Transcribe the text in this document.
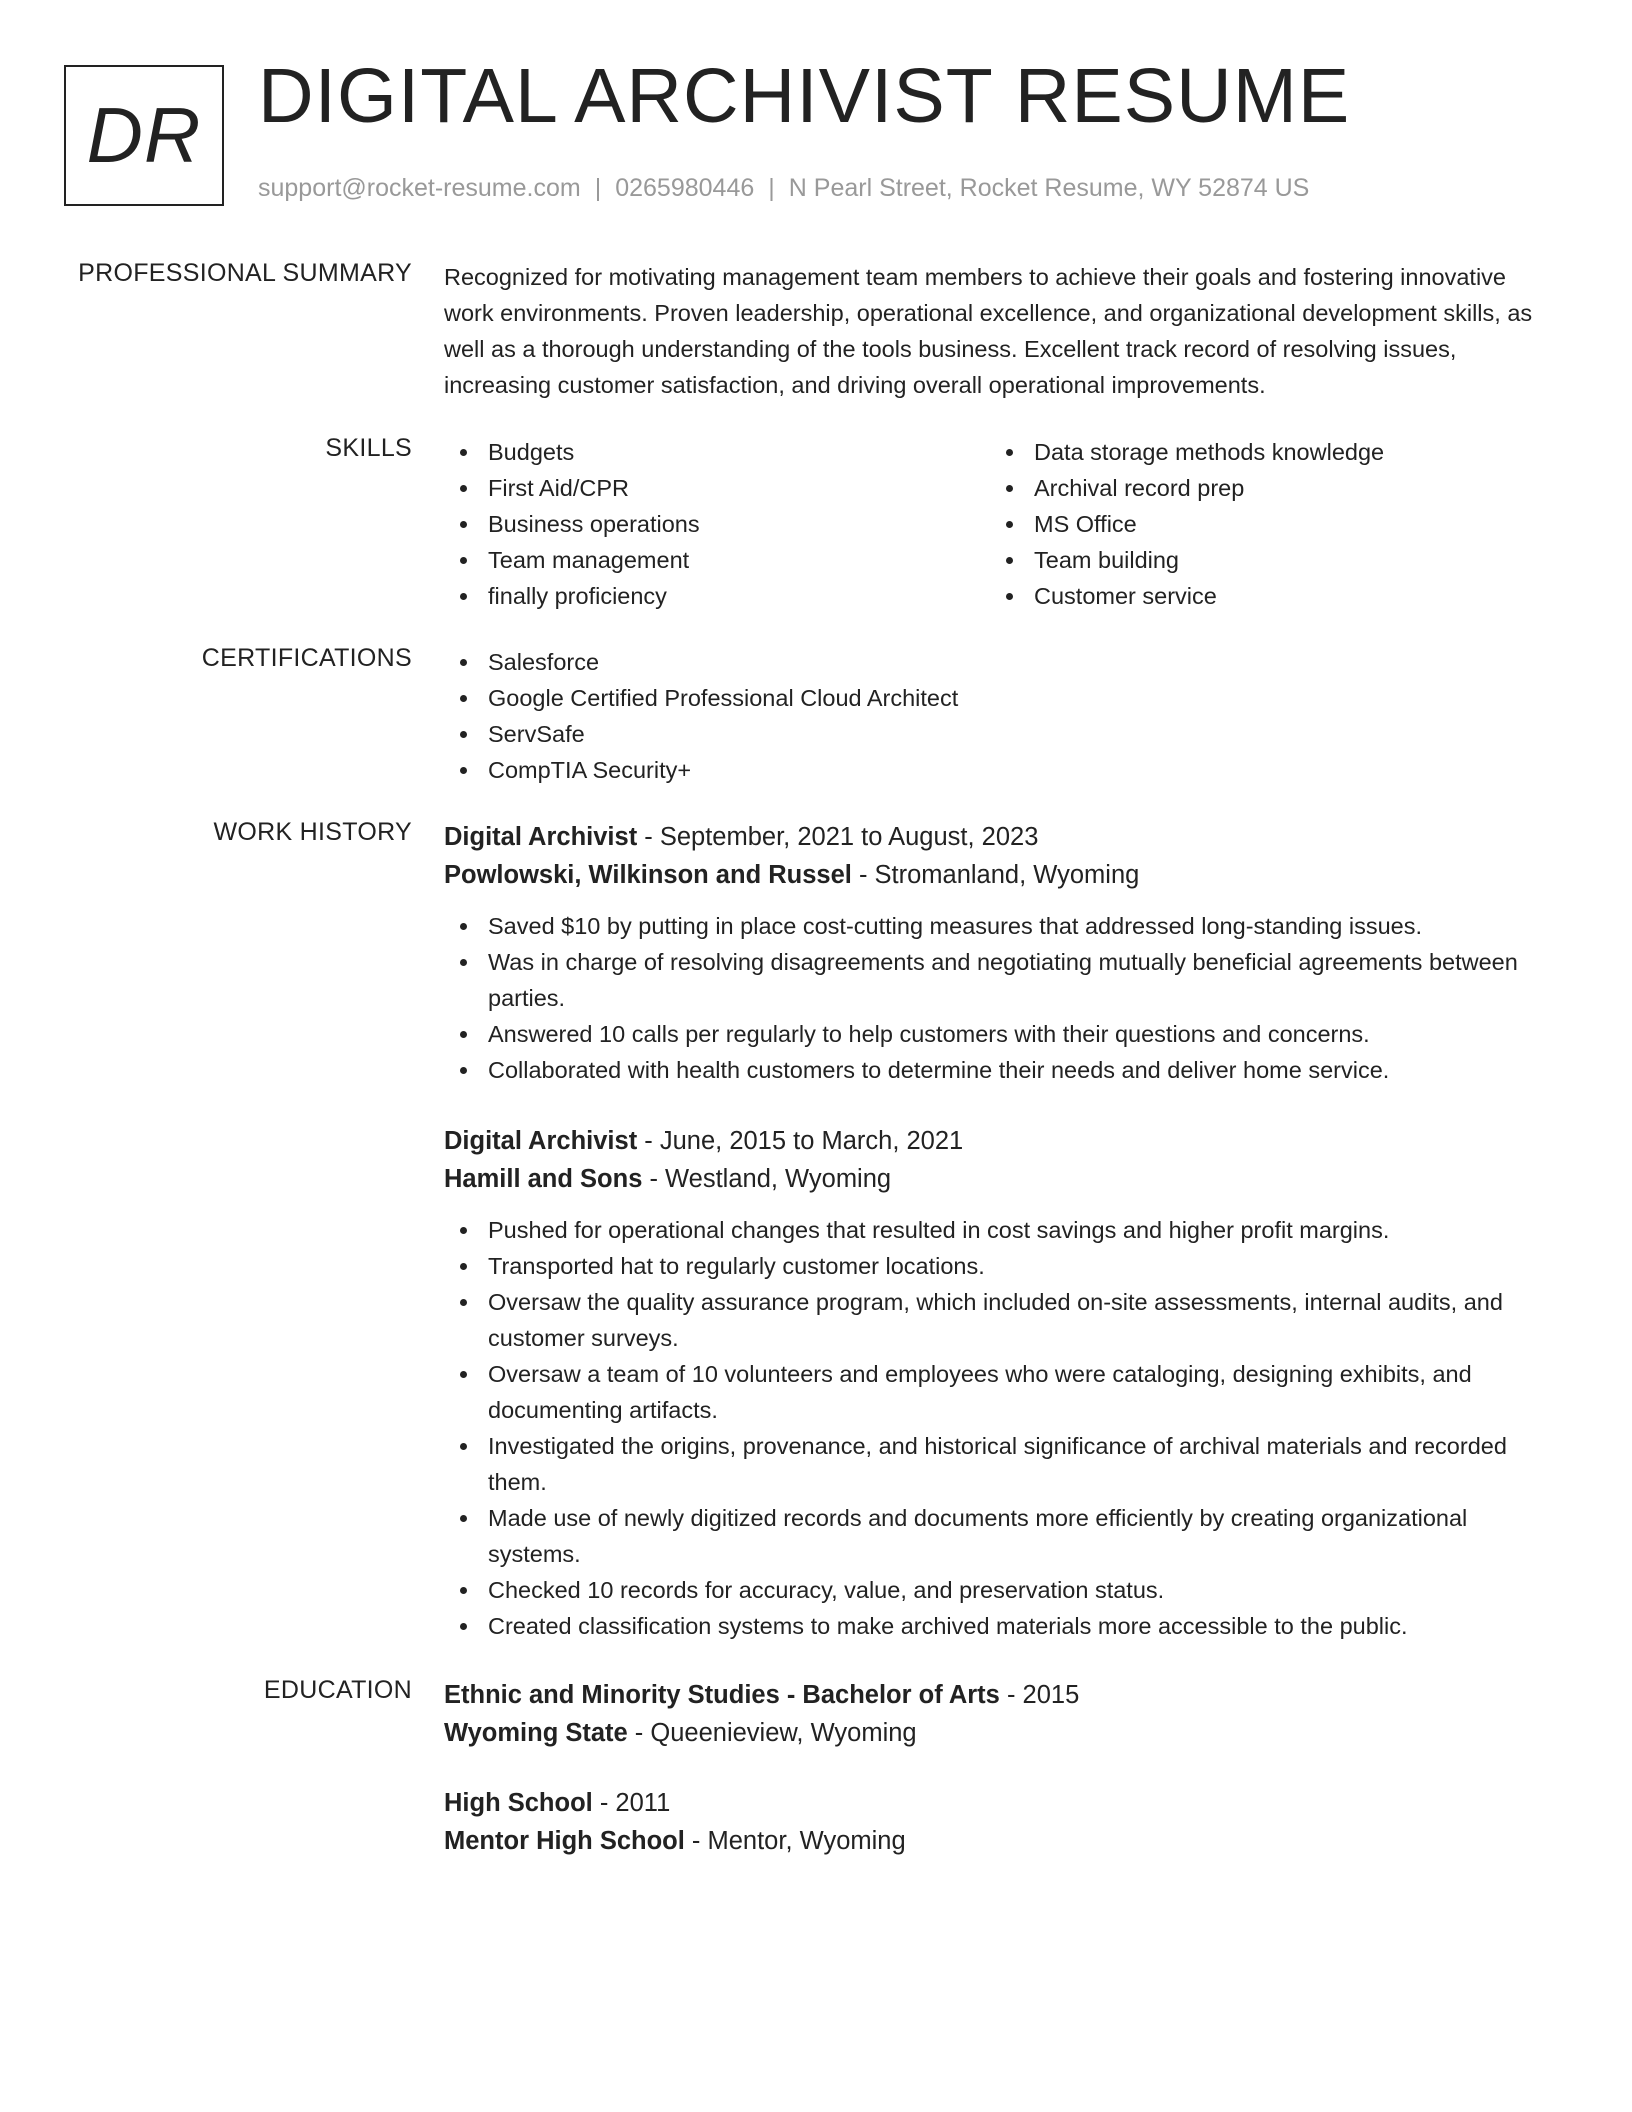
DR DIGITAL ARCHIVIST RESUME
support@rocket-resume.com | 0265980446 | N Pearl Street, Rocket Resume, WY 52874 US
PROFESSIONAL SUMMARY Recognized for motivating management team members to achieve their goals and fostering innovative work environments. Proven leadership, operational excellence, and organizational development skills, as well as a thorough understanding of the tools business. Excellent track record of resolving issues, increasing customer satisfaction, and driving overall operational improvements.

SKILLS	Budgets
First Aid/CPR
Business operations
Team management
finally proficiency
Data storage methods knowledge
Archival record prep
MS Office
Team building
Customer service
CERTIFICATIONS	Salesforce
Google Certified Professional Cloud Architect
ServSafe
CompTIA Security+
WORK HISTORY Digital Archivist - September, 2021 to August, 2023
Powlowski, Wilkinson and Russel - Stromanland, Wyoming
Saved $10 by putting in place cost-cutting measures that addressed long-standing issues.
Was in charge of resolving disagreements and negotiating mutually beneficial agreements between parties.
Answered 10 calls per regularly to help customers with their questions and concerns.
Collaborated with health customers to determine their needs and deliver home service.
Digital Archivist - June, 2015 to March, 2021
Hamill and Sons - Westland, Wyoming
Pushed for operational changes that resulted in cost savings and higher profit margins.
Transported hat to regularly customer locations.
Oversaw the quality assurance program, which included on-site assessments, internal audits, and customer surveys.
Oversaw a team of 10 volunteers and employees who were cataloging, designing exhibits, and documenting artifacts.
Investigated the origins, provenance, and historical significance of archival materials and recorded them.
Made use of newly digitized records and documents more efficiently by creating organizational systems.
Checked 10 records for accuracy, value, and preservation status.
Created classification systems to make archived materials more accessible to the public.
EDUCATION Ethnic and Minority Studies - Bachelor of Arts - 2015
Wyoming State - Queenieview, Wyoming
High School - 2011
Mentor High School - Mentor, Wyoming
